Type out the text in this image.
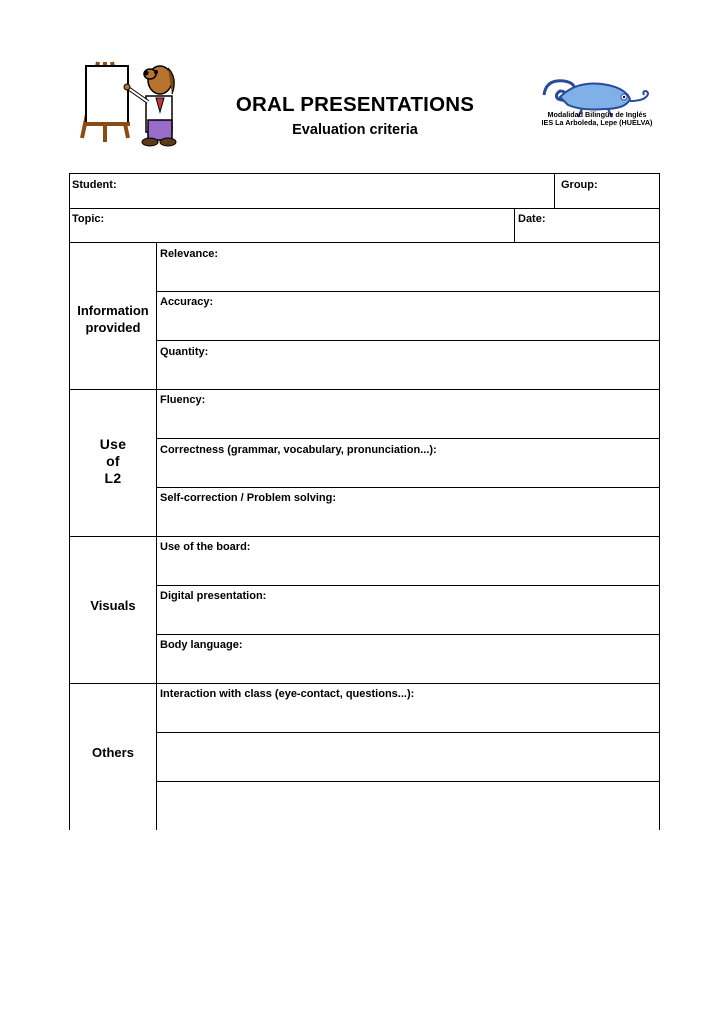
ORAL PRESENTATIONS
Evaluation criteria
Modalidad Bilingüe de Inglés
IES La Arboleda, Lepe (HUELVA)
Student:	Group:
Topic:	Date:
Information
provided
Relevance:
Accuracy:
Quantity:
Use
of
L2
Fluency:
Correctness (grammar, vocabulary, pronunciation...):
Self-correction / Problem solving:
Visuals
Use of the board:
Digital presentation:
Body language:
Others
Interaction with class (eye-contact, questions...):
